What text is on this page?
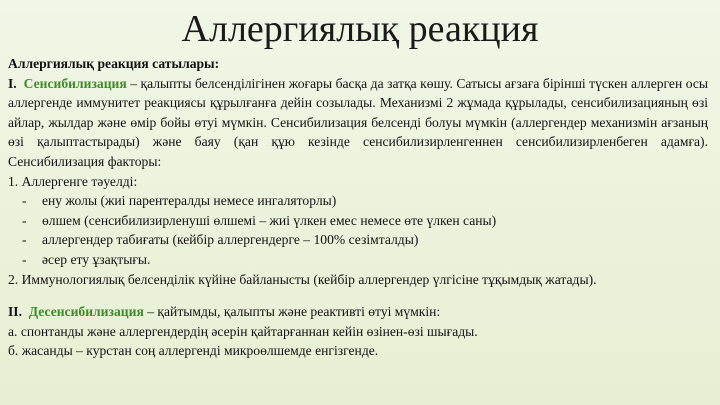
Аллергиялық реакция

Аллергиялық реакция сатылары:

I. Сенсибилизация – қалыпты белсенділігінен жоғары басқа да затқа көшу. Сатысы ағзаға бірінші түскен аллерген осы аллергенде иммунитет реакциясы құрылғанға дейін созылады. Механизмі 2 жұмада құрылады, сенсибилизацияның өзі айлар, жылдар және өмір бойы өтуі мүмкін. Сенсибилизация белсенді болуы мүмкін (аллергендер механизмін ағзаның өзі қалыптастырады) және баяу (қан құю кезінде сенсибилизирленгеннен сенсибилизирленбеген адамға). Сенсибилизация факторы:

1. Аллергенге тәуелді:

- ену жолы (жиі парентералды немесе ингаляторлы)
- өлшем (сенсибилизирленуші өлшемі – жиі үлкен емес немесе өте үлкен саны)
- аллергендер табиғаты (кейбір аллергендерге – 100% сезімталды)
- әсер ету ұзақтығы.

2. Иммунологиялық белсенділік күйіне байланысты (кейбір аллергендер үлгісіне тұқымдық жатады).

II. Десенсибилизация – қайтымды, қалыпты және реактивті өтуі мүмкін:

а. спонтанды және аллергендердің әсерін қайтарғаннан кейін өзінен-өзі шығады.

б. жасанды – курстан соң аллергенді микроөлшемде енгізгенде.
